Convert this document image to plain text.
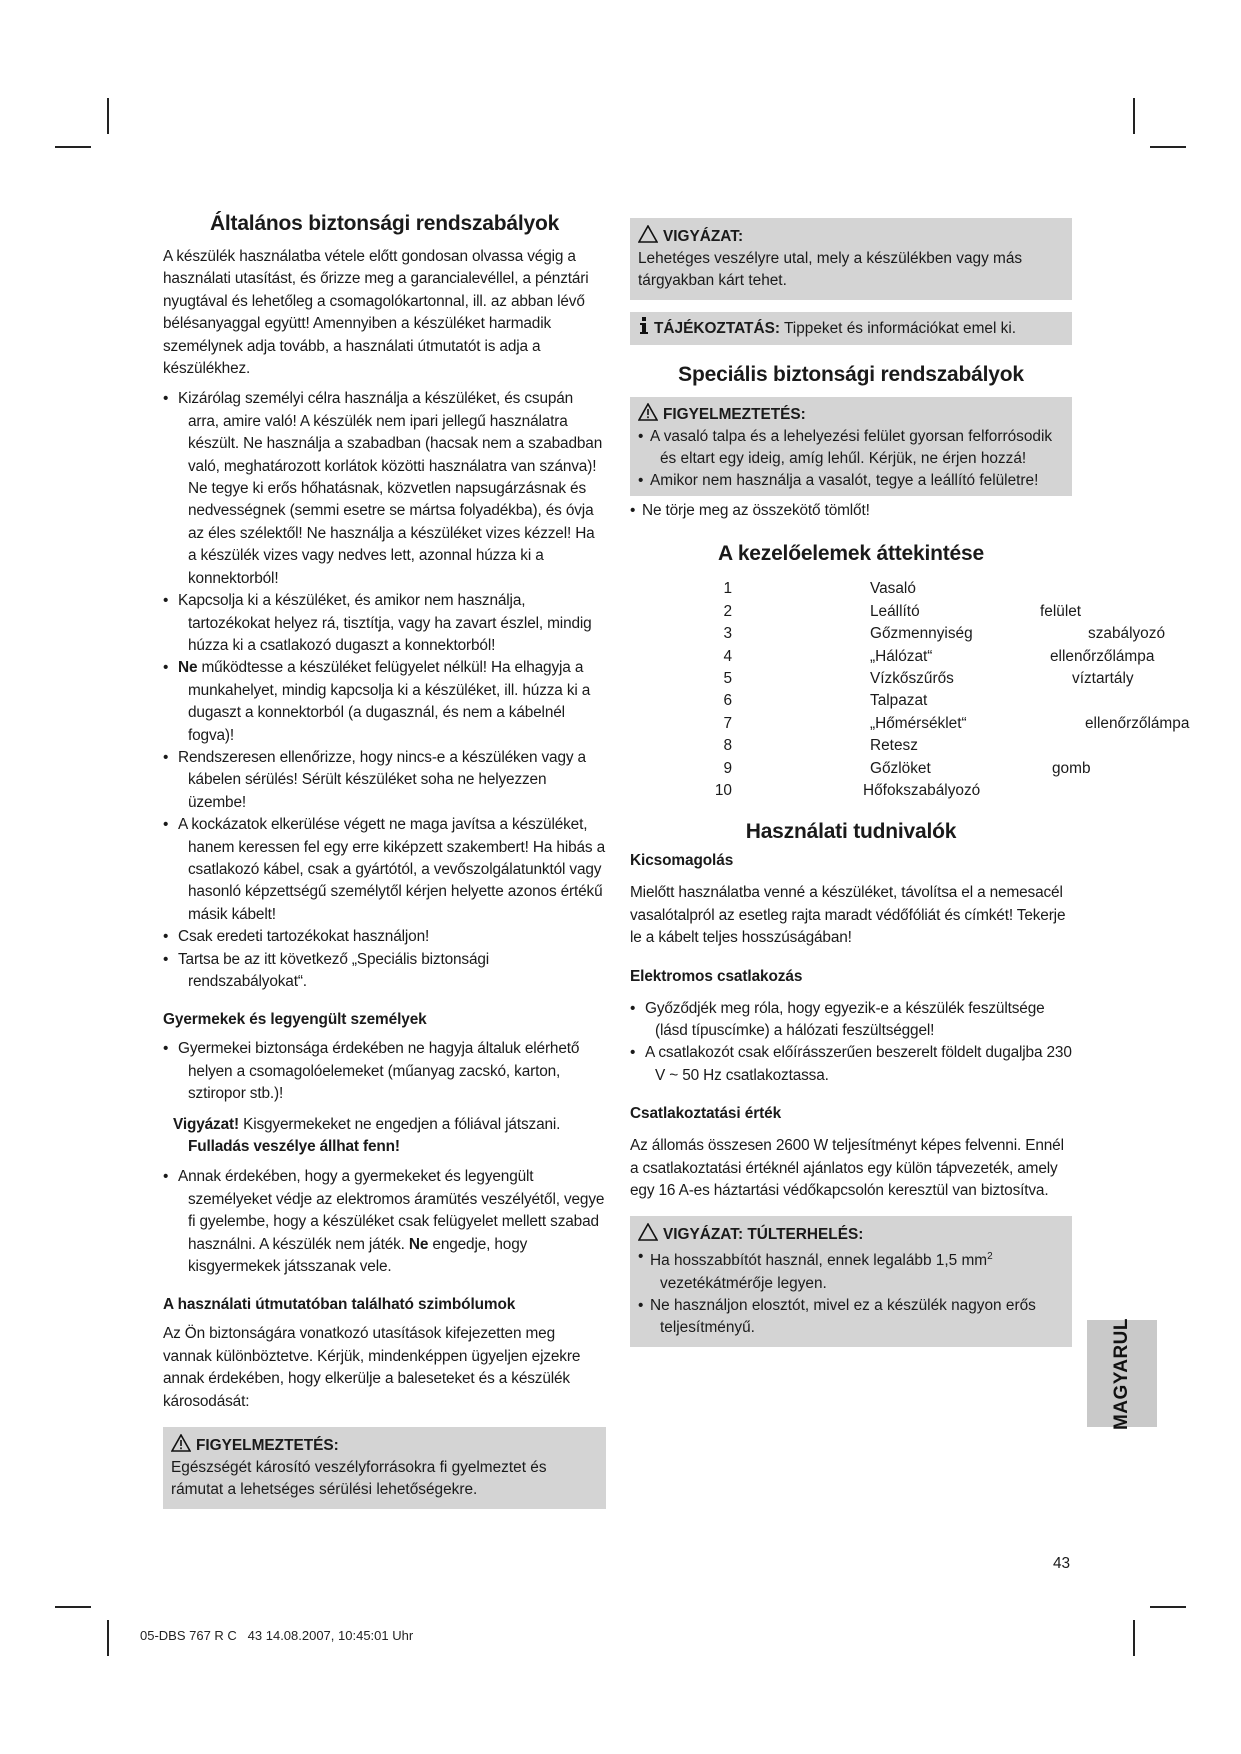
Általános biztonsági rendszabályok

A készülék használatba vétele előtt gondosan olvassa végig a használati utasítást, és őrizze meg a garancialevéllel, a pénztári nyugtával és lehetőleg a csomagolókartonnal, ill. az abban lévő bélésanyaggal együtt! Amennyiben a készüléket harmadik személynek adja tovább, a használati útmutatót is adja a készülékhez.

• Kizárólag személyi célra használja a készüléket, és csupán arra, amire való! A készülék nem ipari jellegű használatra készült. Ne használja a szabadban (hacsak nem a szabadban való, meghatározott korlátok közötti használatra van szánva)! Ne tegye ki erős hőhatásnak, közvetlen napsugárzásnak és nedvességnek (semmi esetre se mártsa folyadékba), és óvja az éles szélektől! Ne használja a készüléket vizes kézzel! Ha a készülék vizes vagy nedves lett, azonnal húzza ki a konnektorból!
• Kapcsolja ki a készüléket, és amikor nem használja, tartozékokat helyez rá, tisztítja, vagy ha zavart észlel, mindig húzza ki a csatlakozó dugaszt a konnektorból!
• Ne működtesse a készüléket felügyelet nélkül! Ha elhagyja a munkahelyet, mindig kapcsolja ki a készüléket, ill. húzza ki a dugaszt a konnektorból (a dugasznál, és nem a kábelnél fogva)!
• Rendszeresen ellenőrizze, hogy nincs-e a készüléken vagy a kábelen sérülés! Sérült készüléket soha ne helyezzen üzembe!
• A kockázatok elkerülése végett ne maga javítsa a készüléket, hanem keressen fel egy erre kiképzett szakembert! Ha hibás a csatlakozó kábel, csak a gyártótól, a vevőszolgálatunktól vagy hasonló képzettségű személytől kérjen helyette azonos értékű másik kábelt!
• Csak eredeti tartozékokat használjon!
• Tartsa be az itt következő „Speciális biztonsági rendszabályokat“.
Gyermekek és legyengült személyek
• Gyermekei biztonsága érdekében ne hagyja általuk elérhető helyen a csomagolóelemeket (műanyag zacskó, karton, sztiropor stb.)!

Vigyázat! Kisgyermekeket ne engedjen a fóliával játszani.
Fulladás veszélye állhat fenn!

• Annak érdekében, hogy a gyermekeket és legyengült személyeket védje az elektromos áramütés veszélyétől, vegye fi gyelembe, hogy a készüléket csak felügyelet mellett szabad használni. A készülék nem játék. Ne engedje, hogy kisgyermekek játsszanak vele.
A használati útmutatóban található szimbólumok

Az Ön biztonságára vonatkozó utasítások kifejezetten meg vannak különböztetve. Kérjük, mindenképpen ügyeljen ejzekre annak érdekében, hogy elkerülje a baleseteket és a készülék károsodását:

FIGYELMEZTETÉS:
Egészségét károsító veszélyforrásokra fi gyelmeztet és rámutat a lehetséges sérülési lehetőségekre.
VIGYÁZAT:
Lehetéges veszélyre utal, mely a készülékben vagy más tárgyakban kárt tehet.
TÁJÉKOZTATÁS: Tippeket és információkat emel ki.
Speciális biztonsági rendszabályok
FIGYELMEZTETÉS:
• A vasaló talpa és a lehelyezési felület gyorsan felforrósodik és eltart egy ideig, amíg lehűl. Kérjük, ne érjen hozzá!
• Amikor nem használja a vasalót, tegye a leállító felületre!
• Ne törje meg az összekötő tömlőt!
A kezelőelemek áttekintése
1	Vasaló
2	Leállító	felület
3	Gőzmennyiség	szabályozó
4	„Hálózat“	ellenőrzőlámpa
5	Vízkőszűrős	víztartály
6	Talpazat
7	„Hőmérséklet“	ellenőrzőlámpa
8	Retesz
9	Gőzlöket	gomb
10	Hőfokszabályozó
Használati tudnivalók
Kicsomagolás

Mielőtt használatba venné a készüléket, távolítsa el a nemesacél vasalótalpról az esetleg rajta maradt védőfóliát és címkét! Tekerje le a kábelt teljes hosszúságában!

Elektromos csatlakozás
• Győződjék meg róla, hogy egyezik-e a készülék feszültsége (lásd típuscímke) a hálózati feszültséggel!
• A csatlakozót csak előírásszerűen beszerelt földelt dugaljba 230 V ~ 50 Hz csatlakoztassa.
Csatlakoztatási érték

Az állomás összesen 2600 W teljesítményt képes felvenni. Ennél a csatlakoztatási értéknél ajánlatos egy külön tápvezeték, amely egy 16 A-es háztartási védőkapcsolón keresztül van biztosítva.

VIGYÁZAT: TÚLTERHELÉS:
• Ha hosszabbítót használ, ennek legalább 1,5 $mm^2$ vezetékátmérője legyen.
• Ne használjon elosztót, mivel ez a készülék nagyon erős teljesítményű.	MAGYARUL
43
05-DBS 767 R C   43 14.08.2007, 10:45:01 Uhr
